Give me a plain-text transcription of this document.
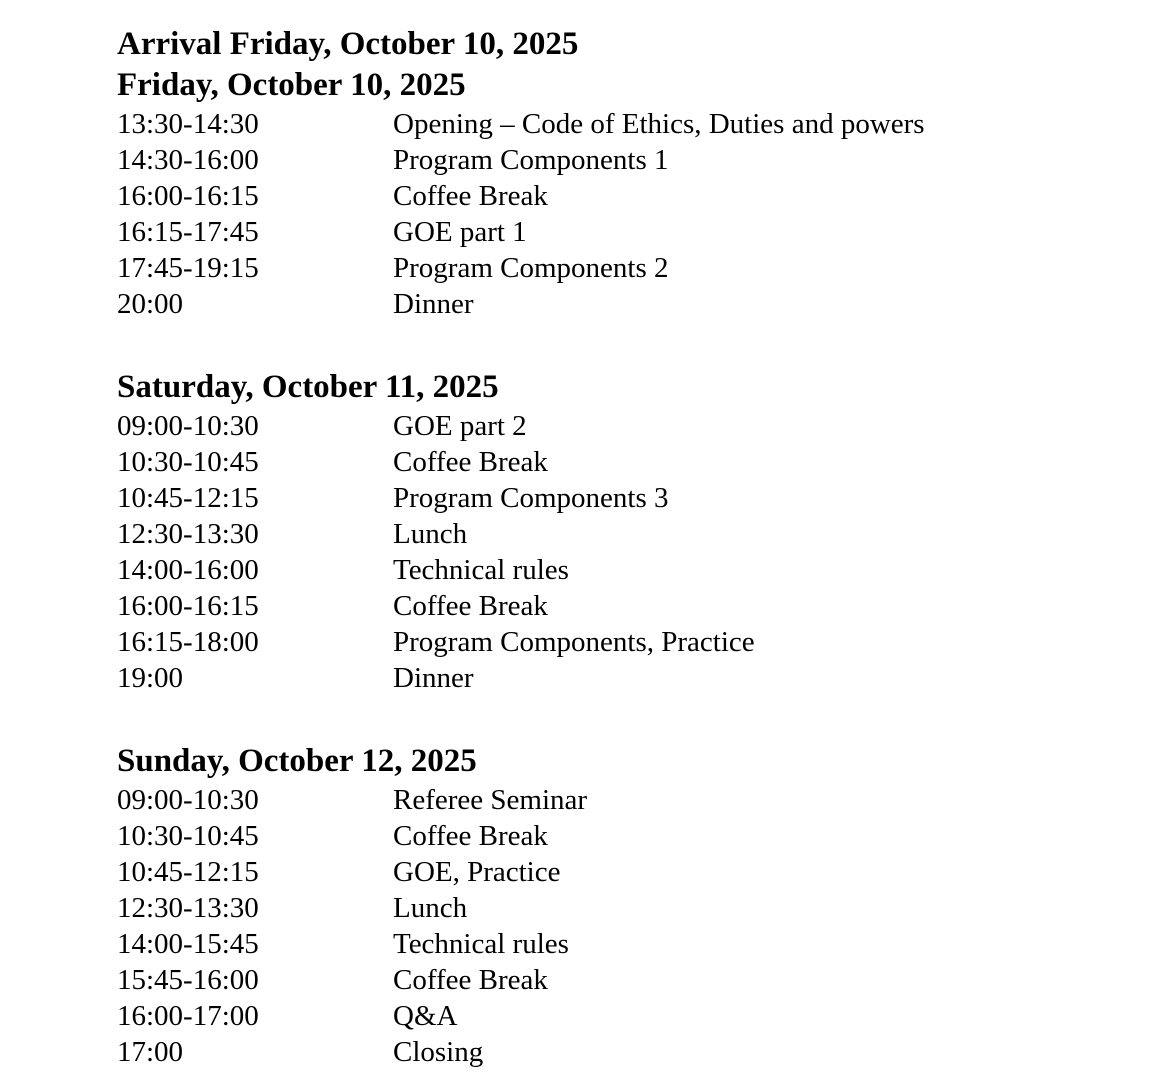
Arrival Friday, October 10, 2025
Friday, October 10, 2025
13:30-14:30	Opening – Code of Ethics, Duties and powers
14:30-16:00	Program Components 1
16:00-16:15	Coffee Break
16:15-17:45	GOE part 1
17:45-19:15	Program Components 2
20:00	Dinner
Saturday, October 11, 2025
09:00-10:30	GOE part 2
10:30-10:45	Coffee Break
10:45-12:15	Program Components 3
12:30-13:30	Lunch
14:00-16:00	Technical rules
16:00-16:15	Coffee Break
16:15-18:00	Program Components, Practice
19:00	Dinner
Sunday, October 12, 2025
09:00-10:30	Referee Seminar
10:30-10:45	Coffee Break
10:45-12:15	GOE, Practice
12:30-13:30	Lunch
14:00-15:45	Technical rules
15:45-16:00	Coffee Break
16:00-17:00	Q&A
17:00	Closing
